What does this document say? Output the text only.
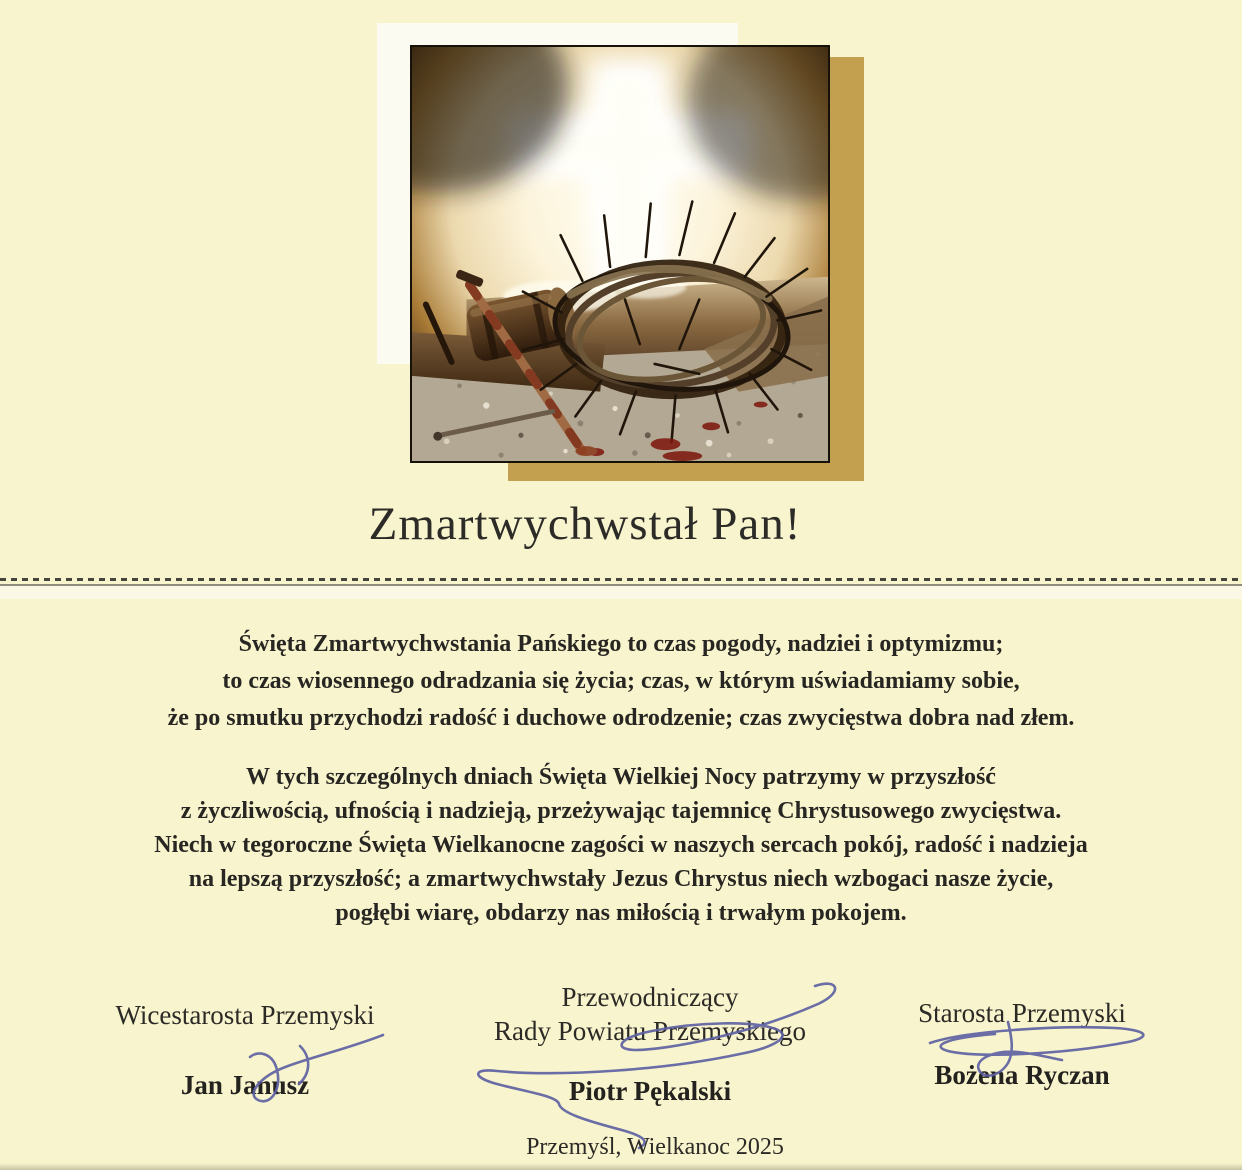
Zmartwychwstał Pan!
Święta Zmartwychwstania Pańskiego to czas pogody, nadziei i optymizmu;
to czas wiosennego odradzania się życia; czas, w którym uświadamiamy sobie,
że po smutku przychodzi radość i duchowe odrodzenie; czas zwycięstwa dobra nad złem.
W tych szczególnych dniach Święta Wielkiej Nocy patrzymy w przyszłość
z życzliwością, ufnością i nadzieją, przeżywając tajemnicę Chrystusowego zwycięstwa.
Niech w tegoroczne Święta Wielkanocne zagości w naszych sercach pokój, radość i nadzieja
na lepszą przyszłość; a zmartwychwstały Jezus Chrystus niech wzbogaci nasze życie,
pogłębi wiarę, obdarzy nas miłością i trwałym pokojem.
Wicestarosta Przemyski
Jan Janusz
Przewodniczący
Rady Powiatu Przemyskiego
Piotr Pękalski
Starosta Przemyski
Bożena Ryczan
Przemyśl, Wielkanoc 2025
